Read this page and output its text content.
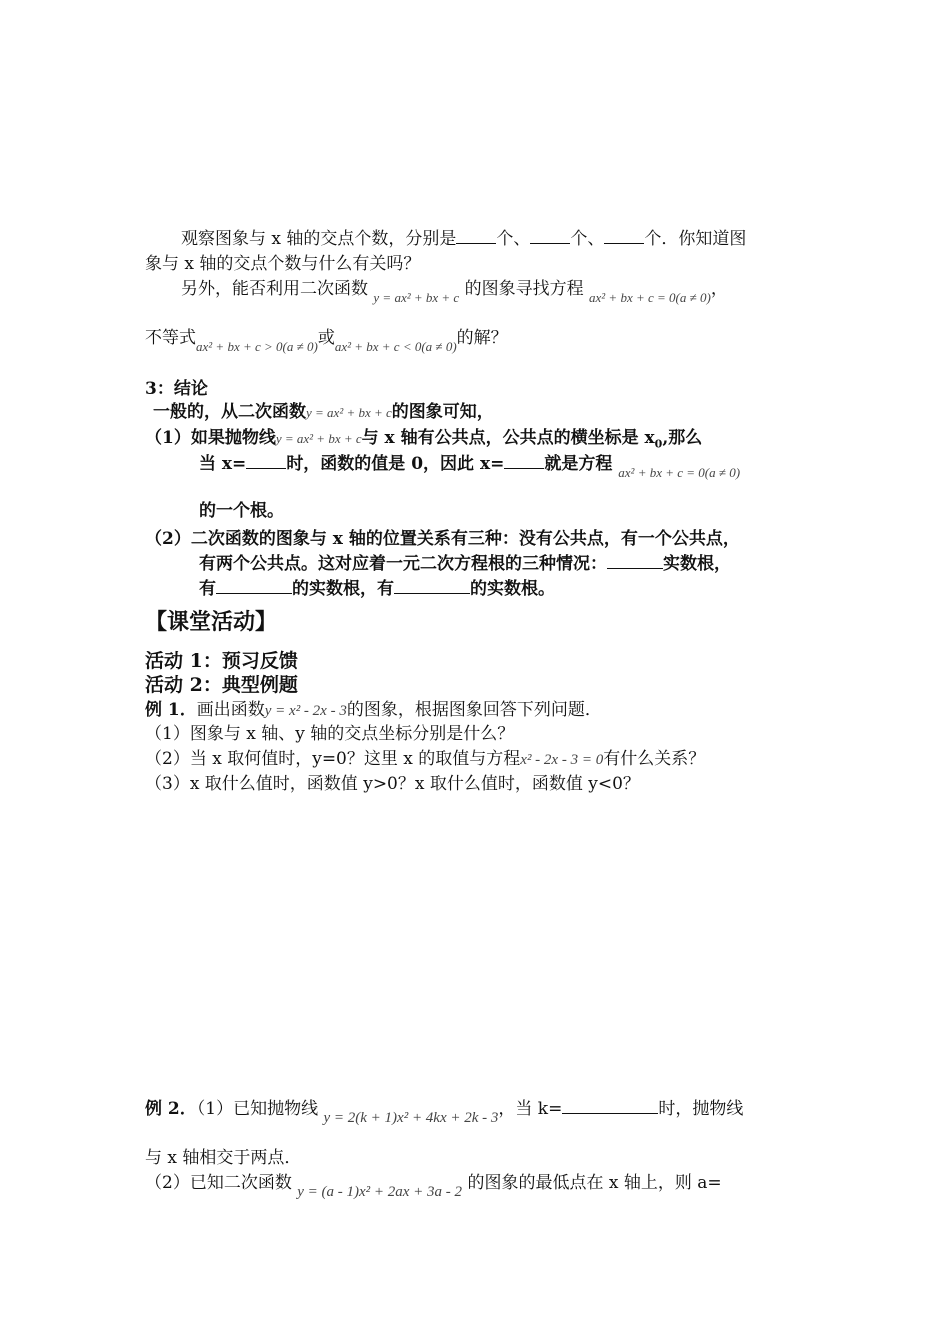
观察图象与 x 轴的交点个数，分别是 个、 个、 个．你知道图
象与 x 轴的交点个数与什么有关吗？
另外，能否利用二次函数 y = ax² + bx + c 的图象寻找方程 ax² + bx + c = 0(a ≠ 0)，
不等式ax² + bx + c > 0(a ≠ 0)或ax² + bx + c < 0(a ≠ 0)的解？
3：结论
一般的，从二次函数y = ax² + bx + c的图象可知，
（1）如果抛物线y = ax² + bx + c与 x 轴有公共点，公共点的横坐标是 $x_0$,那么
当 x= 时，函数的值是 0，因此 x= 就是方程 ax² + bx + c = 0(a ≠ 0)
的一个根。
（2）二次函数的图象与 x 轴的位置关系有三种：没有公共点，有一个公共点，
有两个公共点。这对应着一元二次方程根的三种情况：	实数根，
有	的实数根，有	的实数根。
【课堂活动】
活动 1：预习反馈
活动 2：典型例题
例 1．画出函数y = x² - 2x - 3的图象，根据图象回答下列问题．
（1）图象与 x 轴、y 轴的交点坐标分别是什么？
（2）当 x 取何值时，y=0？这里 x 的取值与方程x² - 2x - 3 = 0有什么关系？
（3）x 取什么值时，函数值 y>0？x 取什么值时，函数值 y<0？
例 2．（1）已知抛物线 y = 2(k + 1)x² + 4kx + 2k - 3，当 k=	时，抛物线
与 x 轴相交于两点．
（2）已知二次函数 y = (a - 1)x² + 2ax + 3a - 2 的图象的最低点在 x 轴上，则 a=
